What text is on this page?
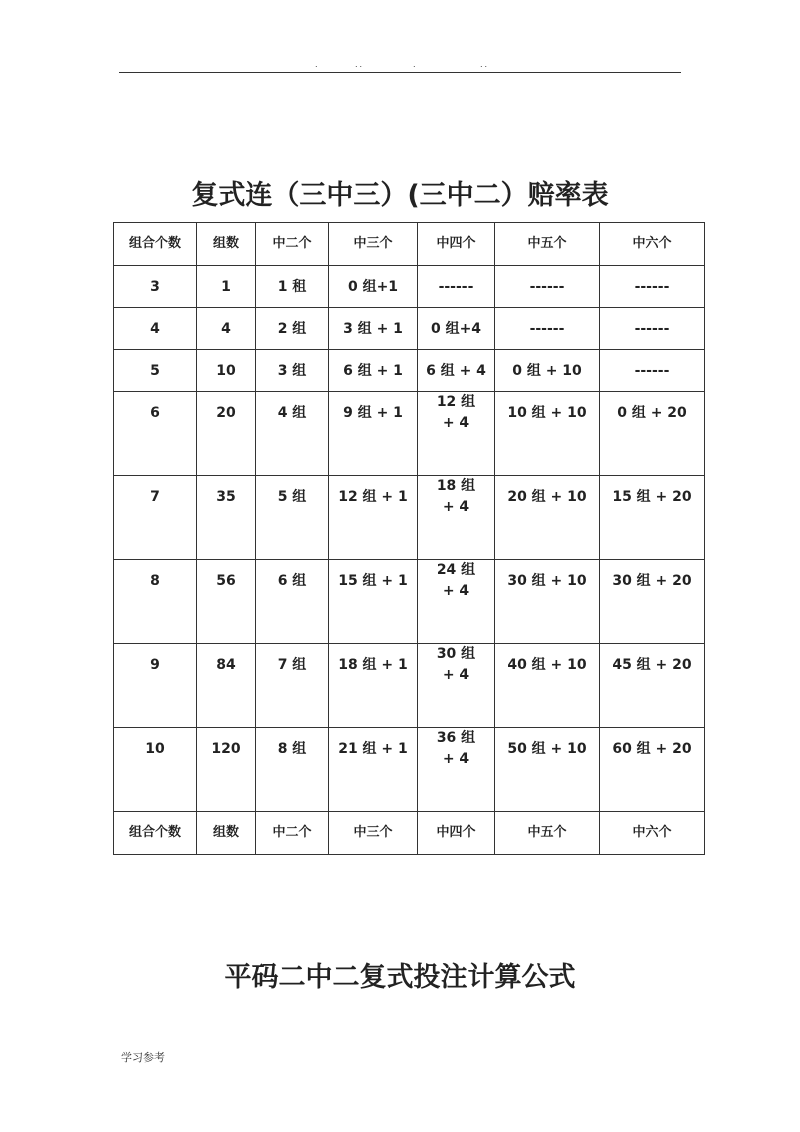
.	..	.	..
复式连（三中三）(三中二）赔率表
组合个数	组数	中二个	中三个	中四个	中五个	中六个
3	1	1 租	0 组+1	------	------	------
4	4	2 组	3 组 + 1	0 组+4	------	------
5	10	3 组	6 组 + 1	6 组 + 4	0 组 + 10	------
6	20	4 组	9 组 + 1	12 组 + 4	10 组 + 10	0 组 + 20
7	35	5 组	12 组 + 1	18 组 + 4	20 组 + 10	15 组 + 20
8	56	6 组	15 组 + 1	24 组 + 4	30 组 + 10	30 组 + 20
9	84	7 组	18 组 + 1	30 组 + 4	40 组 + 10	45 组 + 20
10	120	8 组	21 组 + 1	36 组 + 4	50 组 + 10	60 组 + 20
组合个数	组数	中二个	中三个	中四个	中五个	中六个
平码二中二复式投注计算公式
学习参考
